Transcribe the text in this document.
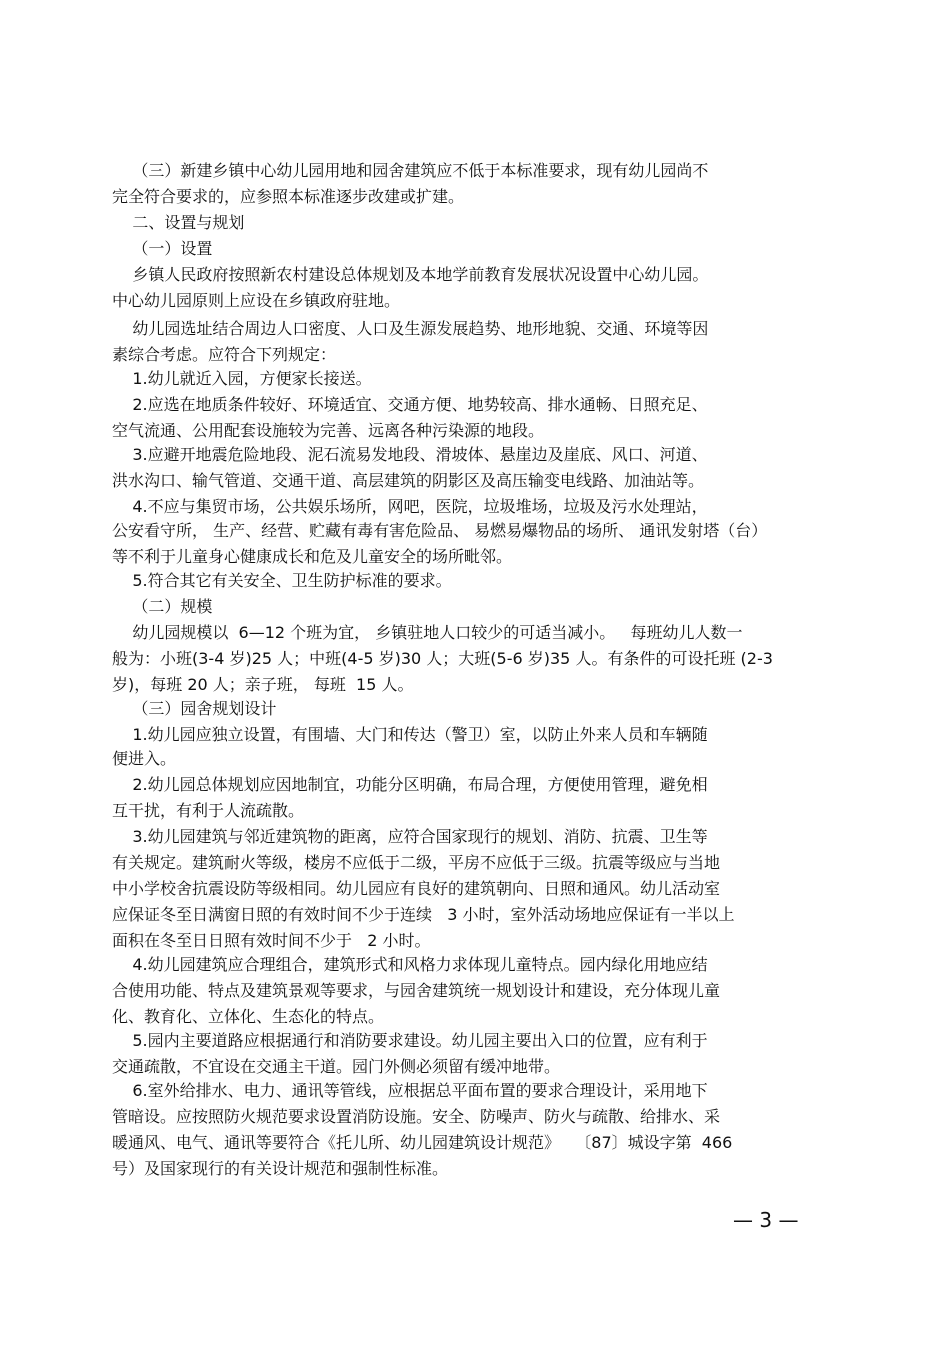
（三）新建乡镇中心幼儿园用地和园舍建筑应不低于本标准要求，现有幼儿园尚不
完全符合要求的，应参照本标准逐步改建或扩建。
二、设置与规划
（一）设置
乡镇人民政府按照新农村建设总体规划及本地学前教育发展状况设置中心幼儿园。
中心幼儿园原则上应设在乡镇政府驻地。
幼儿园选址结合周边人口密度、人口及生源发展趋势、地形地貌、交通、环境等因
素综合考虑。应符合下列规定：
1.幼儿就近入园，方便家长接送。
2.应选在地质条件较好、环境适宜、交通方便、地势较高、排水通畅、日照充足、
空气流通、公用配套设施较为完善、远离各种污染源的地段。
3.应避开地震危险地段、泥石流易发地段、滑坡体、悬崖边及崖底、风口、河道、
洪水沟口、输气管道、交通干道、高层建筑的阴影区及高压输变电线路、加油站等。
4.不应与集贸市场，公共娱乐场所，网吧，医院，垃圾堆场，垃圾及污水处理站，
公安看守所， 生产、经营、贮藏有毒有害危险品、 易燃易爆物品的场所、 通讯发射塔（台）
等不利于儿童身心健康成长和危及儿童安全的场所毗邻。
5.符合其它有关安全、卫生防护标准的要求。
（二）规模
幼儿园规模以  6—12 个班为宜， 乡镇驻地人口较少的可适当减小。   每班幼儿人数一
般为：小班(3-4 岁)25 人；中班(4-5 岁)30 人；大班(5-6 岁)35 人。有条件的可设托班 (2-3
岁)，每班 20 人；亲子班， 每班  15 人。
（三）园舍规划设计
1.幼儿园应独立设置，有围墙、大门和传达（警卫）室，以防止外来人员和车辆随
便进入。
2.幼儿园总体规划应因地制宜，功能分区明确，布局合理，方便使用管理，避免相
互干扰，有利于人流疏散。
3.幼儿园建筑与邻近建筑物的距离，应符合国家现行的规划、消防、抗震、卫生等
有关规定。建筑耐火等级，楼房不应低于二级，平房不应低于三级。抗震等级应与当地
中小学校舍抗震设防等级相同。幼儿园应有良好的建筑朝向、日照和通风。幼儿活动室
应保证冬至日满窗日照的有效时间不少于连续   3 小时，室外活动场地应保证有一半以上
面积在冬至日日照有效时间不少于   2 小时。
4.幼儿园建筑应合理组合，建筑形式和风格力求体现儿童特点。园内绿化用地应结
合使用功能、特点及建筑景观等要求，与园舍建筑统一规划设计和建设，充分体现儿童
化、教育化、立体化、生态化的特点。
5.园内主要道路应根据通行和消防要求建设。幼儿园主要出入口的位置，应有利于
交通疏散，不宜设在交通主干道。园门外侧必须留有缓冲地带。
6.室外给排水、电力、通讯等管线，应根据总平面布置的要求合理设计，采用地下
管暗设。应按照防火规范要求设置消防设施。安全、防噪声、防火与疏散、给排水、采
暖通风、电气、通讯等要符合《托儿所、幼儿园建筑设计规范》   〔87〕城设字第  466
号）及国家现行的有关设计规范和强制性标准。
— 3 —
